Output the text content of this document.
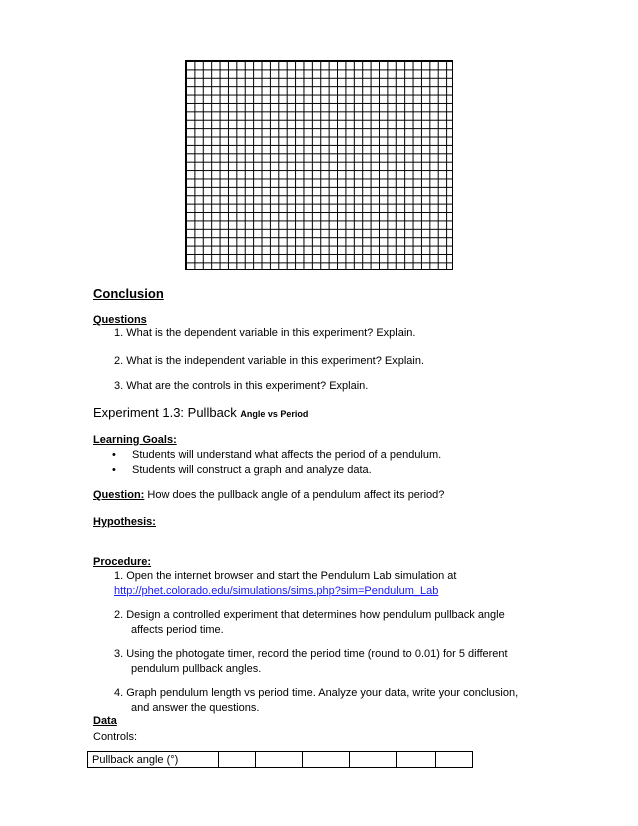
Conclusion
Questions
1. What is the dependent variable in this experiment? Explain.
2. What is the independent variable in this experiment? Explain.
3. What are the controls in this experiment? Explain.
Experiment 1.3: Pullback Angle vs Period
Learning Goals:
• Students will understand what affects the period of a pendulum.
• Students will construct a graph and analyze data.
Question: How does the pullback angle of a pendulum affect its period?
Hypothesis:
Procedure:
1. Open the internet browser and start the Pendulum Lab simulation at
http://phet.colorado.edu/simulations/sims.php?sim=Pendulum_Lab
2. Design a controlled experiment that determines how pendulum pullback angle
affects period time.
3. Using the photogate timer, record the period time (round to 0.01) for 5 different
pendulum pullback angles.
4. Graph pendulum length vs period time. Analyze your data, write your conclusion,
and answer the questions.
Data
Controls:
Pullback angle (°)						
